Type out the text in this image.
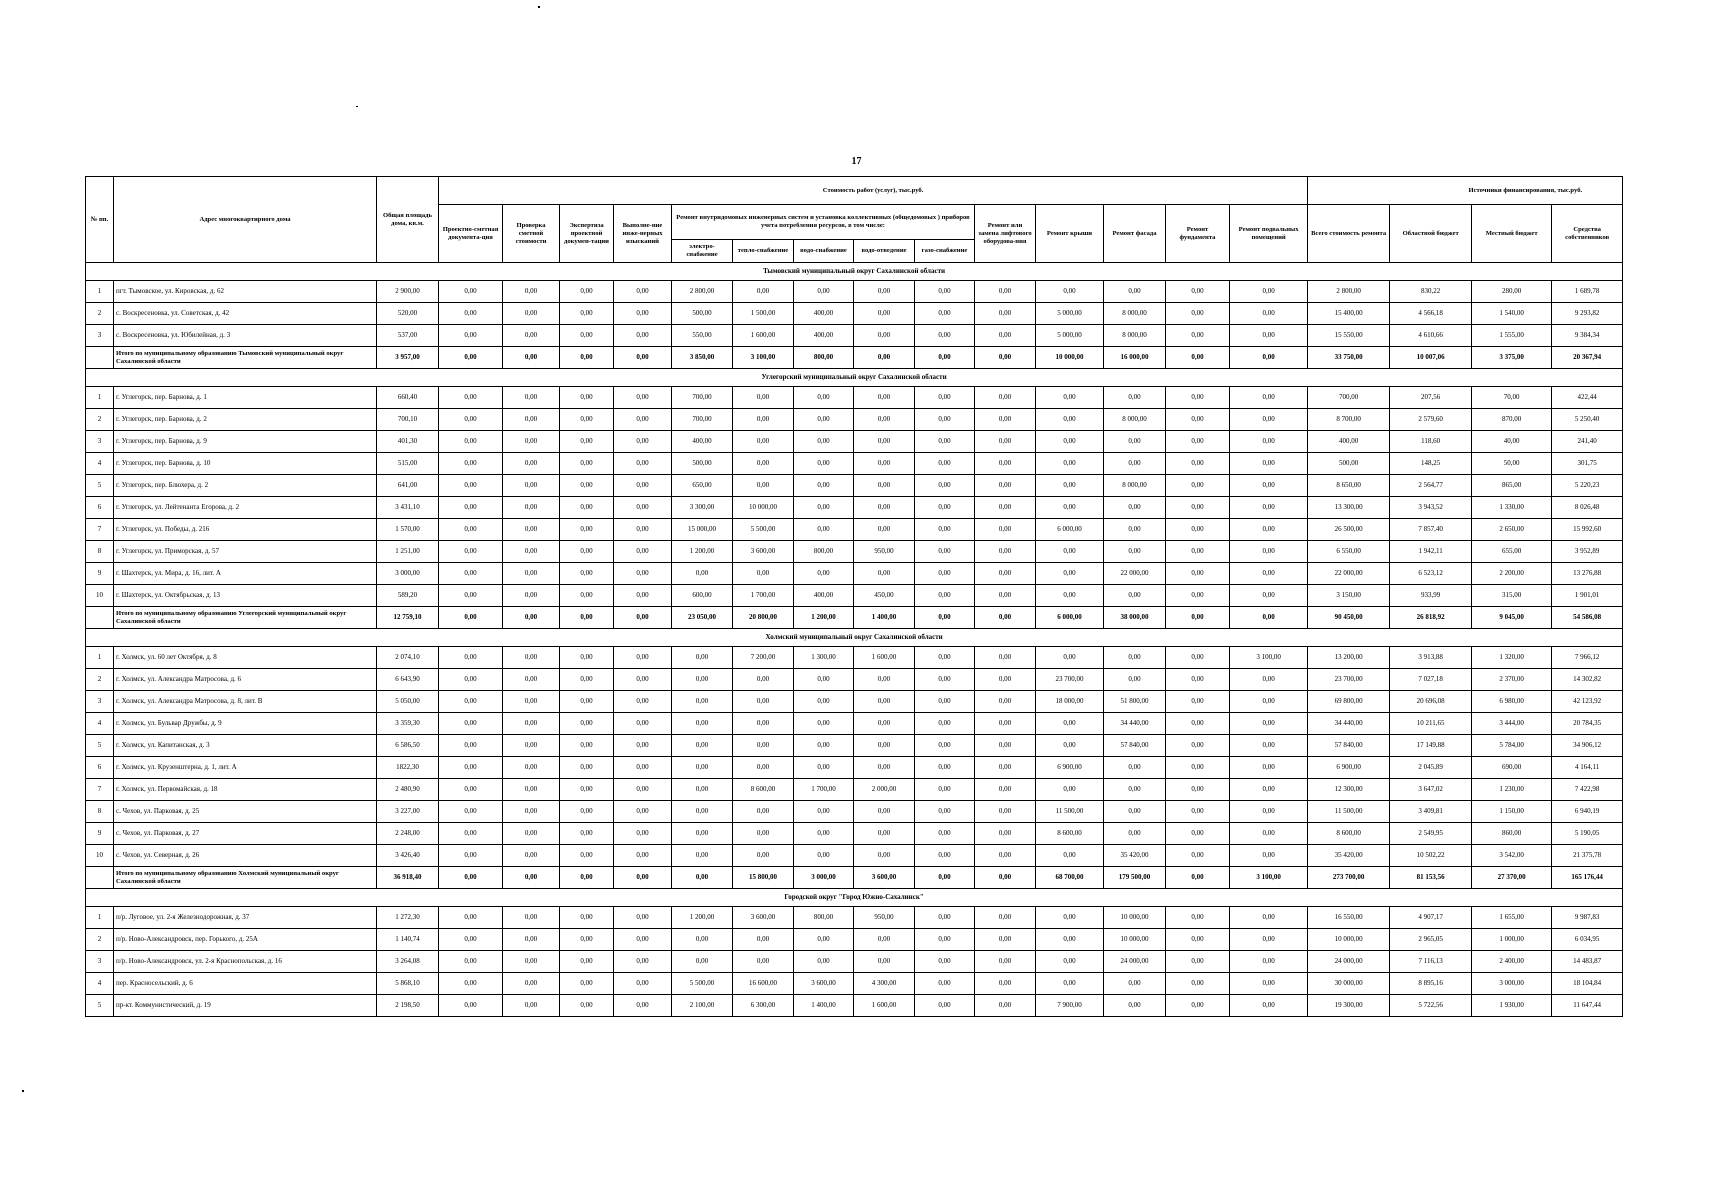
17
№ пп.	Адрес многоквартирного дома	Общая площадь дома, кв.м.	Стоимость работ (услуг), тыс.руб.														Источники финансирования, тыс.руб.			
			Проектно-сметная документа-ция	Проверка сметной стоимости	Экспертиза проектной докумен-тации	Выполне-ние инже-нерных изысканий	Ремонт внутридомовых инженерных систем и установка коллективных (общедомовых ) приборов учета потребления ресурсов, в том числе:					Ремонт или замена лифтового оборудова-ния	Ремонт крыши	Ремонт фасада	Ремонт фундамента	Ремонт подвальных помещений	Всего стоимость ремонта	Областной бюджет	Местный бюджет	Средства собственников
							электро-снабжение	тепло-снабжение	водо-снабжение	водо-отведение	газо-снабжение									
Тымовский муниципальный округ Сахалинской области																				
1	пгт. Тымовское, ул. Кировская, д. 62	2 900,00	0,00	0,00	0,00	0,00	2 800,00	0,00	0,00	0,00	0,00	0,00	0,00	0,00	0,00	0,00	2 800,00	830,22	280,00	1 689,78
2	с. Воскресеновка, ул. Советская, д. 42	520,00	0,00	0,00	0,00	0,00	500,00	1 500,00	400,00	0,00	0,00	0,00	5 000,00	8 000,00	0,00	0,00	15 400,00	4 566,18	1 540,00	9 293,82
3	с. Воскресеновка, ул. Юбилейная, д. 3	537,00	0,00	0,00	0,00	0,00	550,00	1 600,00	400,00	0,00	0,00	0,00	5 000,00	8 000,00	0,00	0,00	15 550,00	4 610,66	1 555,00	9 384,34
	Итого по муниципальному образованию Тымовский муниципальный округ Сахалинской области	3 957,00	0,00	0,00	0,00	0,00	3 850,00	3 100,00	800,00	0,00	0,00	0,00	10 000,00	16 000,00	0,00	0,00	33 750,00	10 007,06	3 375,00	20 367,94
Углегорский муниципальный округ Сахалинской области																				
1	г. Углегорск, пер. Барнова, д. 1	660,40	0,00	0,00	0,00	0,00	700,00	0,00	0,00	0,00	0,00	0,00	0,00	0,00	0,00	0,00	700,00	207,56	70,00	422,44
2	г. Углегорск, пер. Барнова, д. 2	700,10	0,00	0,00	0,00	0,00	700,00	0,00	0,00	0,00	0,00	0,00	0,00	8 000,00	0,00	0,00	8 700,00	2 579,60	870,00	5 250,40
3	г. Углегорск, пер. Барнова, д. 9	401,30	0,00	0,00	0,00	0,00	400,00	0,00	0,00	0,00	0,00	0,00	0,00	0,00	0,00	0,00	400,00	118,60	40,00	241,40
4	г. Углегорск, пер. Барнова, д. 10	515,00	0,00	0,00	0,00	0,00	500,00	0,00	0,00	0,00	0,00	0,00	0,00	0,00	0,00	0,00	500,00	148,25	50,00	301,75
5	г. Углегорск, пер. Блюхера, д. 2	641,00	0,00	0,00	0,00	0,00	650,00	0,00	0,00	0,00	0,00	0,00	0,00	8 000,00	0,00	0,00	8 650,00	2 564,77	865,00	5 220,23
6	г. Углегорск, ул. Лейтенанта Егорова, д. 2	3 431,10	0,00	0,00	0,00	0,00	3 300,00	10 000,00	0,00	0,00	0,00	0,00	0,00	0,00	0,00	0,00	13 300,00	3 943,52	1 330,00	8 026,48
7	г. Углегорск, ул. Победы, д. 216	1 570,00	0,00	0,00	0,00	0,00	15 000,00	5 500,00	0,00	0,00	0,00	0,00	6 000,00	0,00	0,00	0,00	26 500,00	7 857,40	2 650,00	15 992,60
8	г. Углегорск, ул. Приморская, д. 57	1 251,00	0,00	0,00	0,00	0,00	1 200,00	3 600,00	800,00	950,00	0,00	0,00	0,00	0,00	0,00	0,00	6 550,00	1 942,11	655,00	3 952,89
9	г. Шахтерск, ул. Мира, д. 16, лит. А	3 000,00	0,00	0,00	0,00	0,00	0,00	0,00	0,00	0,00	0,00	0,00	0,00	22 000,00	0,00	0,00	22 000,00	6 523,12	2 200,00	13 276,88
10	г. Шахтерск, ул. Октябрьская, д. 13	589,20	0,00	0,00	0,00	0,00	600,00	1 700,00	400,00	450,00	0,00	0,00	0,00	0,00	0,00	0,00	3 150,00	933,99	315,00	1 901,01
	Итого по муниципальному образованию Углегорский муниципальный округ Сахалинской области	12 759,10	0,00	0,00	0,00	0,00	23 050,00	20 800,00	1 200,00	1 400,00	0,00	0,00	6 000,00	38 000,00	0,00	0,00	90 450,00	26 818,92	9 045,00	54 586,08
Холмский муниципальный округ Сахалинской области																				
1	г. Холмск, ул. 60 лет Октября, д. 8	2 074,10	0,00	0,00	0,00	0,00	0,00	7 200,00	1 300,00	1 600,00	0,00	0,00	0,00	0,00	0,00	3 100,00	13 200,00	3 913,88	1 320,00	7 966,12
2	г. Холмск, ул. Александра Матросова, д. 6	6 643,90	0,00	0,00	0,00	0,00	0,00	0,00	0,00	0,00	0,00	0,00	23 700,00	0,00	0,00	0,00	23 700,00	7 027,18	2 370,00	14 302,82
3	г. Холмск, ул. Александра Матросова, д. 8, лит. В	5 050,00	0,00	0,00	0,00	0,00	0,00	0,00	0,00	0,00	0,00	0,00	18 000,00	51 800,00	0,00	0,00	69 800,00	20 696,08	6 980,00	42 123,92
4	г. Холмск, ул. Бульвар Дружбы, д. 9	3 359,30	0,00	0,00	0,00	0,00	0,00	0,00	0,00	0,00	0,00	0,00	0,00	34 440,00	0,00	0,00	34 440,00	10 211,65	3 444,00	20 784,35
5	г. Холмск, ул. Капитанская, д. 3	6 586,50	0,00	0,00	0,00	0,00	0,00	0,00	0,00	0,00	0,00	0,00	0,00	57 840,00	0,00	0,00	57 840,00	17 149,88	5 784,00	34 906,12
6	г. Холмск, ул. Крузенштерна, д. 1, лит. А	1822,30	0,00	0,00	0,00	0,00	0,00	0,00	0,00	0,00	0,00	0,00	6 900,00	0,00	0,00	0,00	6 900,00	2 045,89	690,00	4 164,11
7	г. Холмск, ул. Первомайская, д. 18	2 480,90	0,00	0,00	0,00	0,00	0,00	8 600,00	1 700,00	2 000,00	0,00	0,00	0,00	0,00	0,00	0,00	12 300,00	3 647,02	1 230,00	7 422,98
8	с. Чехов, ул. Парковая, д. 25	3 227,00	0,00	0,00	0,00	0,00	0,00	0,00	0,00	0,00	0,00	0,00	11 500,00	0,00	0,00	0,00	11 500,00	3 409,81	1 150,00	6 940,19
9	с. Чехов, ул. Парковая, д. 27	2 248,00	0,00	0,00	0,00	0,00	0,00	0,00	0,00	0,00	0,00	0,00	8 600,00	0,00	0,00	0,00	8 600,00	2 549,95	860,00	5 190,05
10	с. Чехов, ул. Северная, д. 26	3 426,40	0,00	0,00	0,00	0,00	0,00	0,00	0,00	0,00	0,00	0,00	0,00	35 420,00	0,00	0,00	35 420,00	10 502,22	3 542,00	21 375,78
	Итого по муниципальному образованию Холмский муниципальный округ Сахалинской области	36 918,40	0,00	0,00	0,00	0,00	0,00	15 800,00	3 000,00	3 600,00	0,00	0,00	68 700,00	179 500,00	0,00	3 100,00	273 700,00	81 153,56	27 370,00	165 176,44
Городской округ "Город Южно-Сахалинск"																				
1	п/р. Луговое, ул. 2-я Железнодорожная, д. 37	1 272,30	0,00	0,00	0,00	0,00	1 200,00	3 600,00	800,00	950,00	0,00	0,00	0,00	10 000,00	0,00	0,00	16 550,00	4 907,17	1 655,00	9 987,83
2	п/р. Ново-Александровск, пер. Горького, д. 25А	1 140,74	0,00	0,00	0,00	0,00	0,00	0,00	0,00	0,00	0,00	0,00	0,00	10 000,00	0,00	0,00	10 000,00	2 965,05	1 000,00	6 034,95
3	п/р. Ново-Александровск, ул. 2-я Краснопольская, д. 16	3 264,08	0,00	0,00	0,00	0,00	0,00	0,00	0,00	0,00	0,00	0,00	0,00	24 000,00	0,00	0,00	24 000,00	7 116,13	2 400,00	14 483,87
4	пер. Красносельский, д. 6	5 868,10	0,00	0,00	0,00	0,00	5 500,00	16 600,00	3 600,00	4 300,00	0,00	0,00	0,00	0,00	0,00	0,00	30 000,00	8 895,16	3 000,00	18 104,84
5	пр-кт. Коммунистический, д. 19	2 198,50	0,00	0,00	0,00	0,00	2 100,00	6 300,00	1 400,00	1 600,00	0,00	0,00	7 900,00	0,00	0,00	0,00	19 300,00	5 722,56	1 930,00	11 647,44
